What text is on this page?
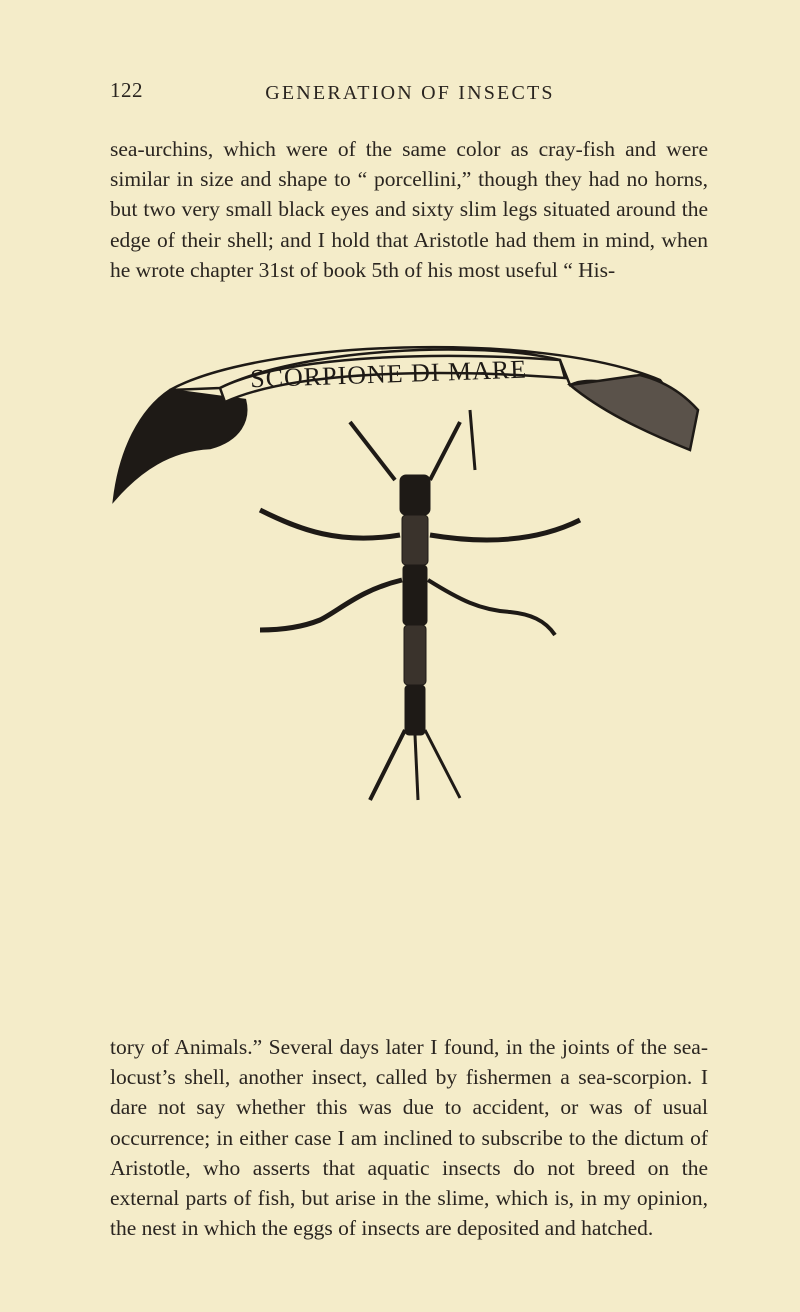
122	GENERATION OF INSECTS

sea-urchins, which were of the same color as cray-fish and were similar in size and shape to “ porcellini,” though they had no horns, but two very small black eyes and sixty slim legs situated around the edge of their shell; and I hold that Aristotle had them in mind, when he wrote chapter 31st of book 5th of his most useful “ His-

SCORPIONE DI MARE

tory of Animals.” Several days later I found, in the joints of the sea-locust’s shell, another insect, called by fishermen a sea-scorpion. I dare not say whether this was due to accident, or was of usual occurrence; in either case I am inclined to subscribe to the dictum of Aristotle, who asserts that aquatic insects do not breed on the external parts of fish, but arise in the slime, which is, in my opinion, the nest in which the eggs of insects are deposited and hatched.
